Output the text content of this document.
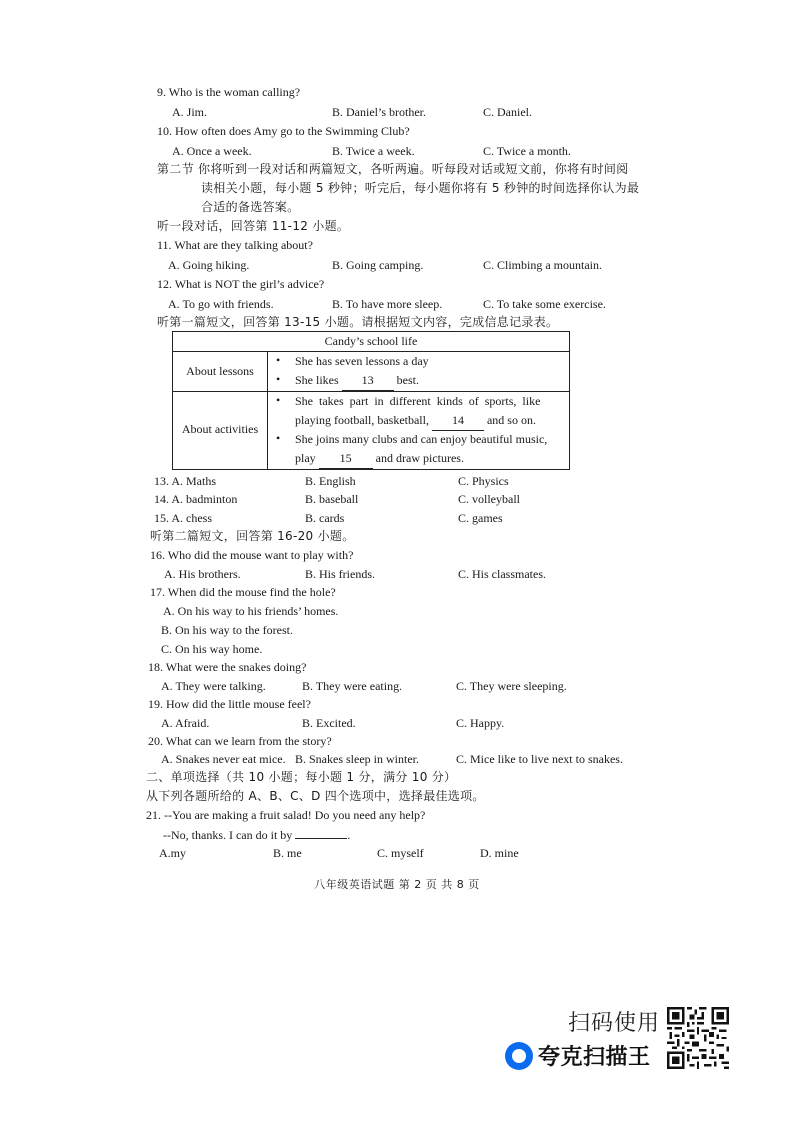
9. Who is the woman calling?
A. Jim.	B. Daniel’s brother.	C. Daniel.
10. How often does Amy go to the Swimming Club?
A. Once a week.	B. Twice a week.	C. Twice a month.
第二节 你将听到一段对话和两篇短文，各听两遍。听每段对话或短文前，你将有时间阅
读相关小题，每小题 5 秒钟；听完后，每小题你将有 5 秒钟的时间选择你认为最
合适的备选答案。
听一段对话，回答第 11-12 小题。
11. What are they talking about?
A. Going hiking.	B. Going camping.	C. Climbing a mountain.
12. What is NOT the girl’s advice?
A. To go with friends.	B. To have more sleep.	C. To take some exercise.
听第一篇短文，回答第 13-15 小题。请根据短文内容，完成信息记录表。
Candy’s school life
About lessons
• She has seven lessons a day
• She likes 13 best.
About activities
• She takes part in different kinds of sports, like
playing football, basketball, 14 and so on.
• She joins many clubs and can enjoy beautiful music,
play 15 and draw pictures.
13. A. Maths	B. English	C. Physics
14. A. badminton	B. baseball	C. volleyball
15. A. chess	B. cards	C. games
听第二篇短文，回答第 16-20 小题。
16. Who did the mouse want to play with?
A. His brothers.	B. His friends.	C. His classmates.
17. When did the mouse find the hole?
A. On his way to his friends’ homes.
B. On his way to the forest.
C. On his way home.
18. What were the snakes doing?
A. They were talking.	B. They were eating.	C. They were sleeping.
19. How did the little mouse feel?
A. Afraid.	B. Excited.	C. Happy.
20. What can we learn from the story?
A. Snakes never eat mice. B. Snakes sleep in winter.	C. Mice like to live next to snakes.
二、单项选择（共 10 小题；每小题 1 分，满分 10 分）
从下列各题所给的 A、B、C、D 四个选项中，选择最佳选项。
21. --You are making a fruit salad! Do you need any help?
--No, thanks. I can do it by	.
A.my	B. me	C. myself	D. mine
八年级英语试题 第 2 页 共 8 页
扫码使用
夸克扫描王
